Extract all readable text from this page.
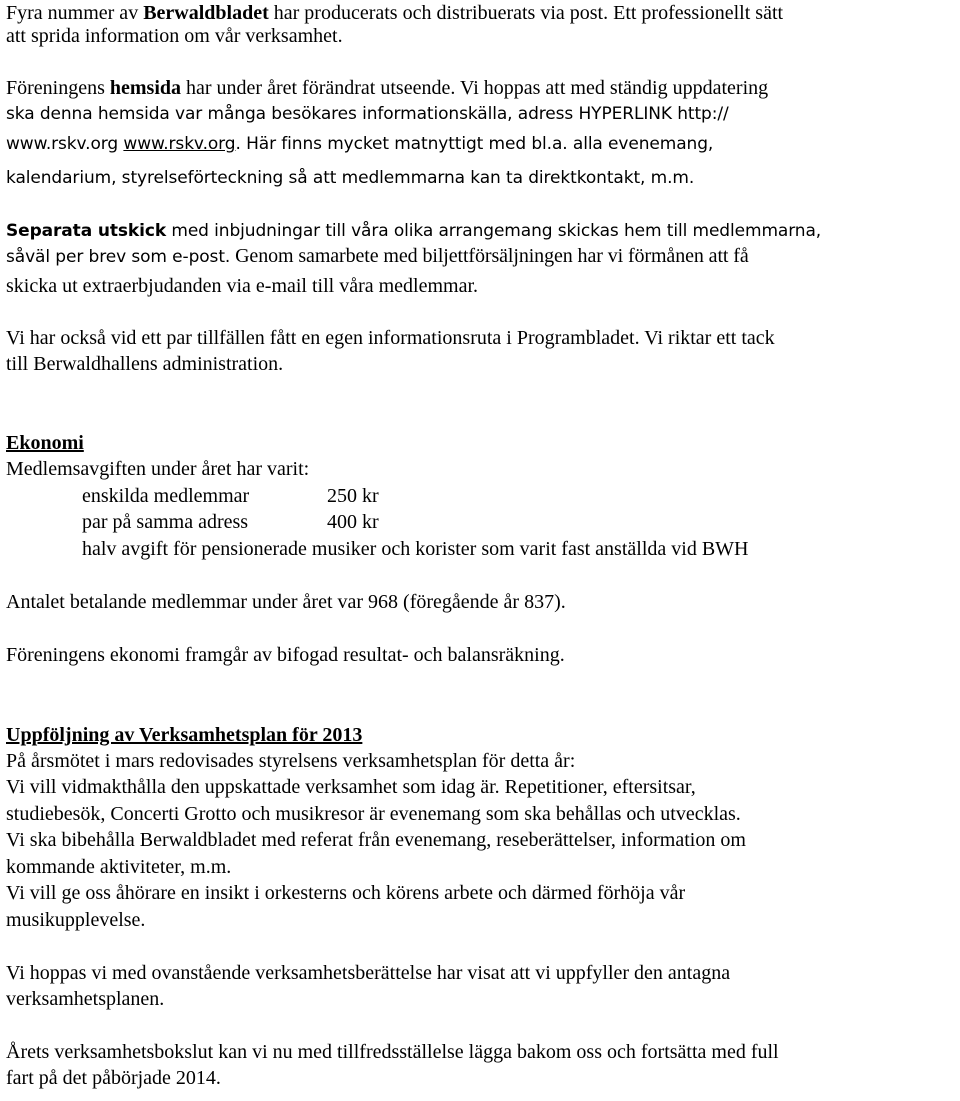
Fyra nummer av Berwaldbladet har producerats och distribuerats via post. Ett professionellt sätt
att sprida information om vår verksamhet.
Föreningens hemsida har under året förändrat utseende. Vi hoppas att med ständig uppdatering
ska denna hemsida var många besökares informationskälla, adress HYPERLINK http://
www.rskv.org www.rskv.org. Här finns mycket matnyttigt med bl.a. alla evenemang,
kalendarium, styrelseförteckning så att medlemmarna kan ta direktkontakt, m.m.
Separata utskick med inbjudningar till våra olika arrangemang skickas hem till medlemmarna,
såväl per brev som e-post. Genom samarbete med biljettförsäljningen har vi förmånen att få
skicka ut extraerbjudanden via e-mail till våra medlemmar.
Vi har också vid ett par tillfällen fått en egen informationsruta i Programbladet. Vi riktar ett tack
till Berwaldhallens administration.
Ekonomi
Medlemsavgiften under året har varit:
enskilda medlemmar	250 kr
par på samma adress	400 kr
halv avgift för pensionerade musiker och korister som varit fast anställda vid BWH
Antalet betalande medlemmar under året var 968 (föregående år 837).
Föreningens ekonomi framgår av bifogad resultat- och balansräkning.
Uppföljning av Verksamhetsplan för 2013
På årsmötet i mars redovisades styrelsens verksamhetsplan för detta år:
Vi vill vidmakthålla den uppskattade verksamhet som idag är. Repetitioner, eftersitsar,
studiebesök, Concerti Grotto och musikresor är evenemang som ska behållas och utvecklas.
Vi ska bibehålla Berwaldbladet med referat från evenemang, reseberättelser, information om
kommande aktiviteter, m.m.
Vi vill ge oss åhörare en insikt i orkesterns och körens arbete och därmed förhöja vår
musikupplevelse.
Vi hoppas vi med ovanstående verksamhetsberättelse har visat att vi uppfyller den antagna
verksamhetsplanen.
Årets verksamhetsbokslut kan vi nu med tillfredsställelse lägga bakom oss och fortsätta med full
fart på det påbörjade 2014.
